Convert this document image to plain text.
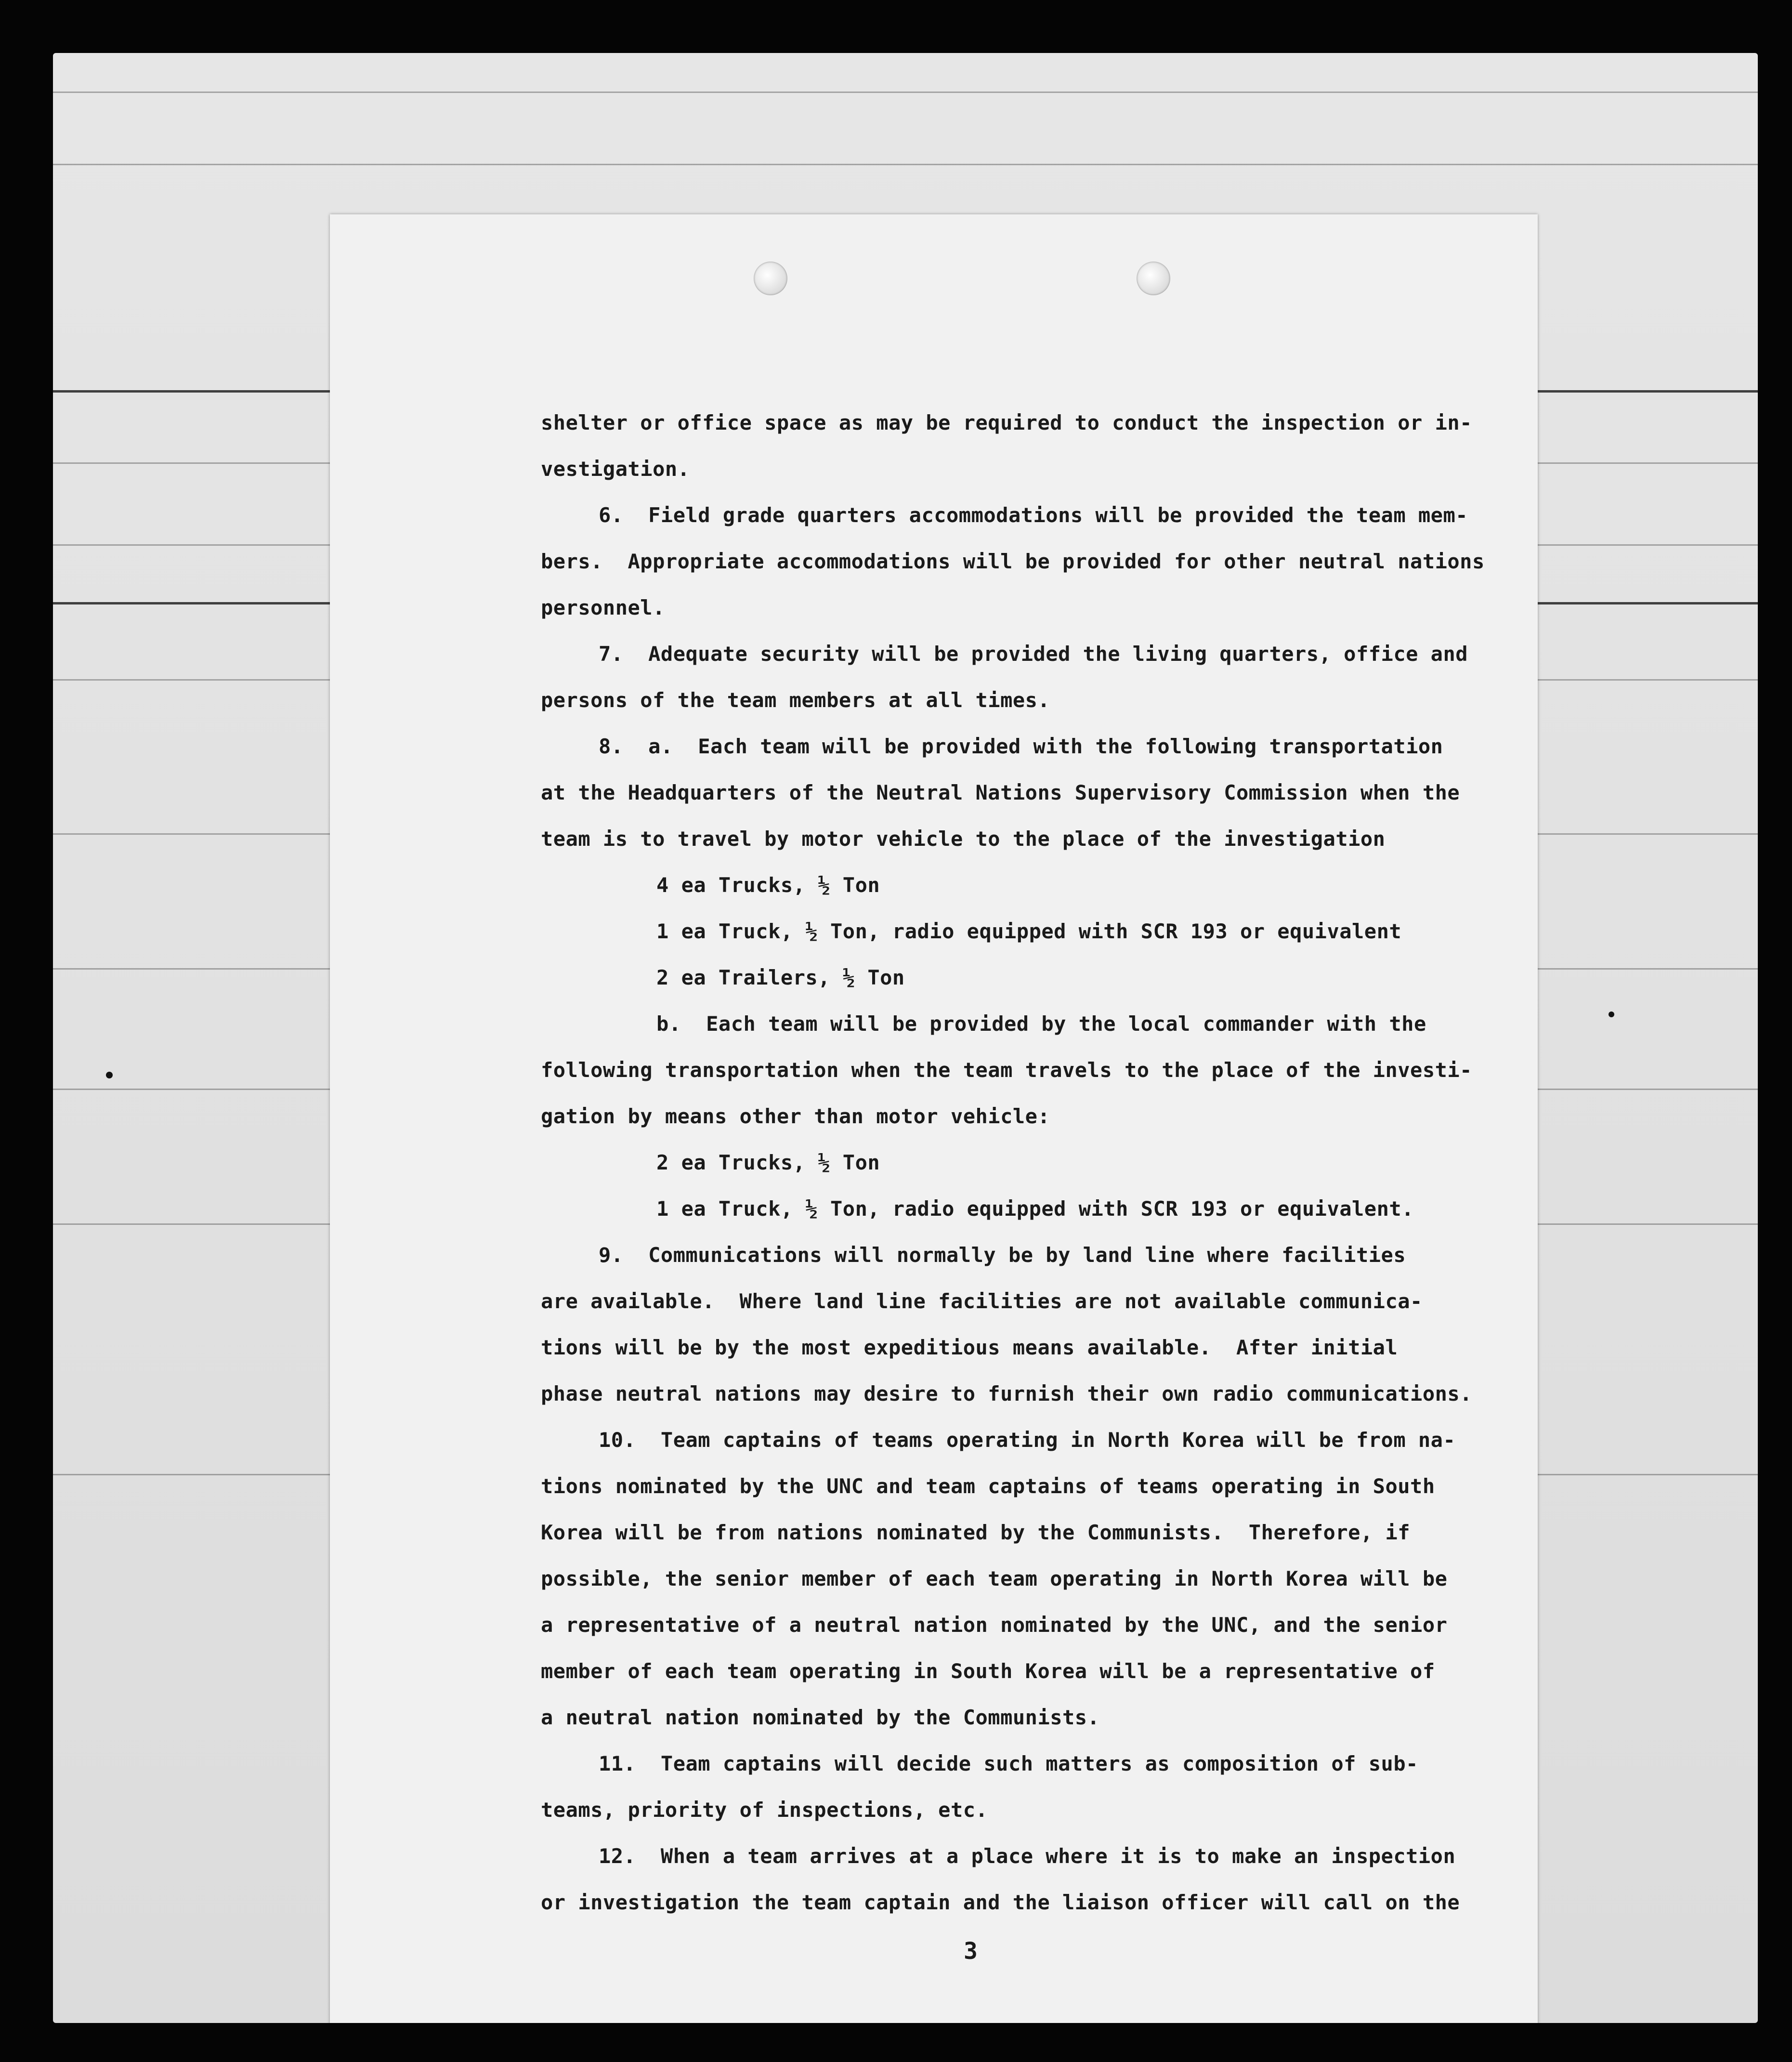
shelter or office space as may be required to conduct the inspection or in-
vestigation.
6.  Field grade quarters accommodations will be provided the team mem-
bers.  Appropriate accommodations will be provided for other neutral nations
personnel.
7.  Adequate security will be provided the living quarters, office and
persons of the team members at all times.
8.  a.  Each team will be provided with the following transportation
at the Headquarters of the Neutral Nations Supervisory Commission when the
team is to travel by motor vehicle to the place of the investigation
4 ea Trucks, ½ Ton
1 ea Truck, ½ Ton, radio equipped with SCR 193 or equivalent
2 ea Trailers, ½ Ton
b.  Each team will be provided by the local commander with the
following transportation when the team travels to the place of the investi-
gation by means other than motor vehicle:
2 ea Trucks, ½ Ton
1 ea Truck, ½ Ton, radio equipped with SCR 193 or equivalent.
9.  Communications will normally be by land line where facilities
are available.  Where land line facilities are not available communica-
tions will be by the most expeditious means available.  After initial
phase neutral nations may desire to furnish their own radio communications.
10.  Team captains of teams operating in North Korea will be from na-
tions nominated by the UNC and team captains of teams operating in South
Korea will be from nations nominated by the Communists.  Therefore, if
possible, the senior member of each team operating in North Korea will be
a representative of a neutral nation nominated by the UNC, and the senior
member of each team operating in South Korea will be a representative of
a neutral nation nominated by the Communists.
11.  Team captains will decide such matters as composition of sub-
teams, priority of inspections, etc.
12.  When a team arrives at a place where it is to make an inspection
or investigation the team captain and the liaison officer will call on the
3
